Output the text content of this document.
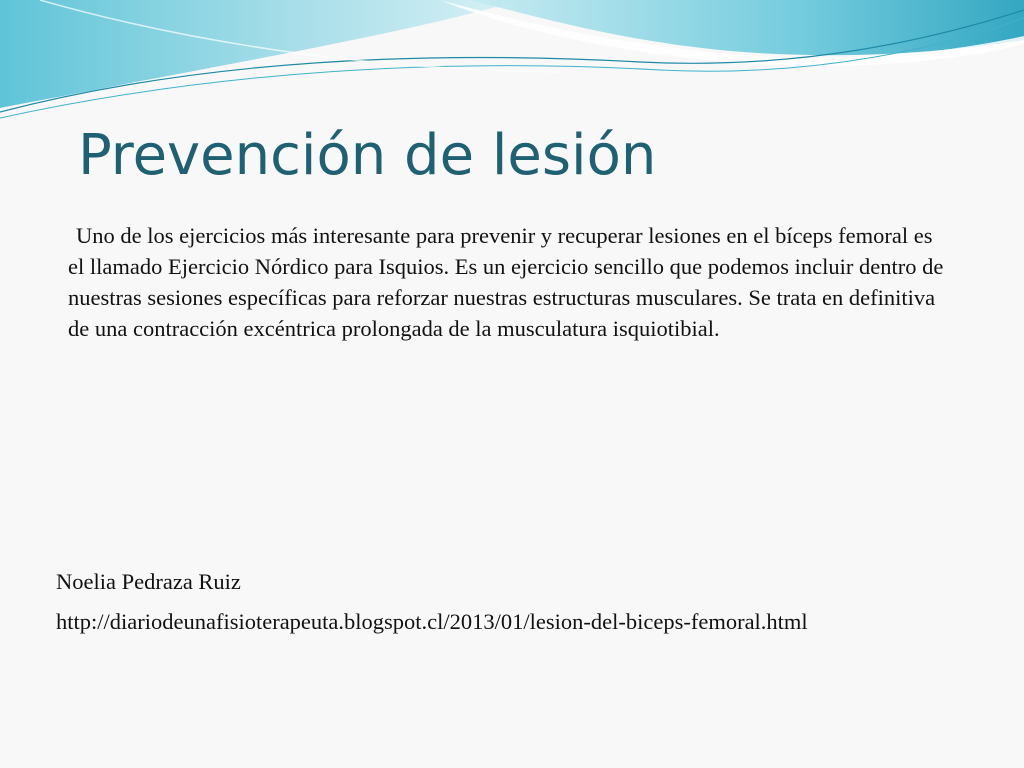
Prevención de lesión

Uno de los ejercicios más interesante para prevenir y recuperar lesiones en el bíceps femoral es el llamado Ejercicio Nórdico para Isquios. Es un ejercicio sencillo que podemos incluir dentro de nuestras sesiones específicas para reforzar nuestras estructuras musculares. Se trata en definitiva de una contracción excéntrica prolongada de la musculatura isquiotibial.

Noelia Pedraza Ruiz

http://diariodeunafisioterapeuta.blogspot.cl/2013/01/lesion-del-biceps-femoral.html
